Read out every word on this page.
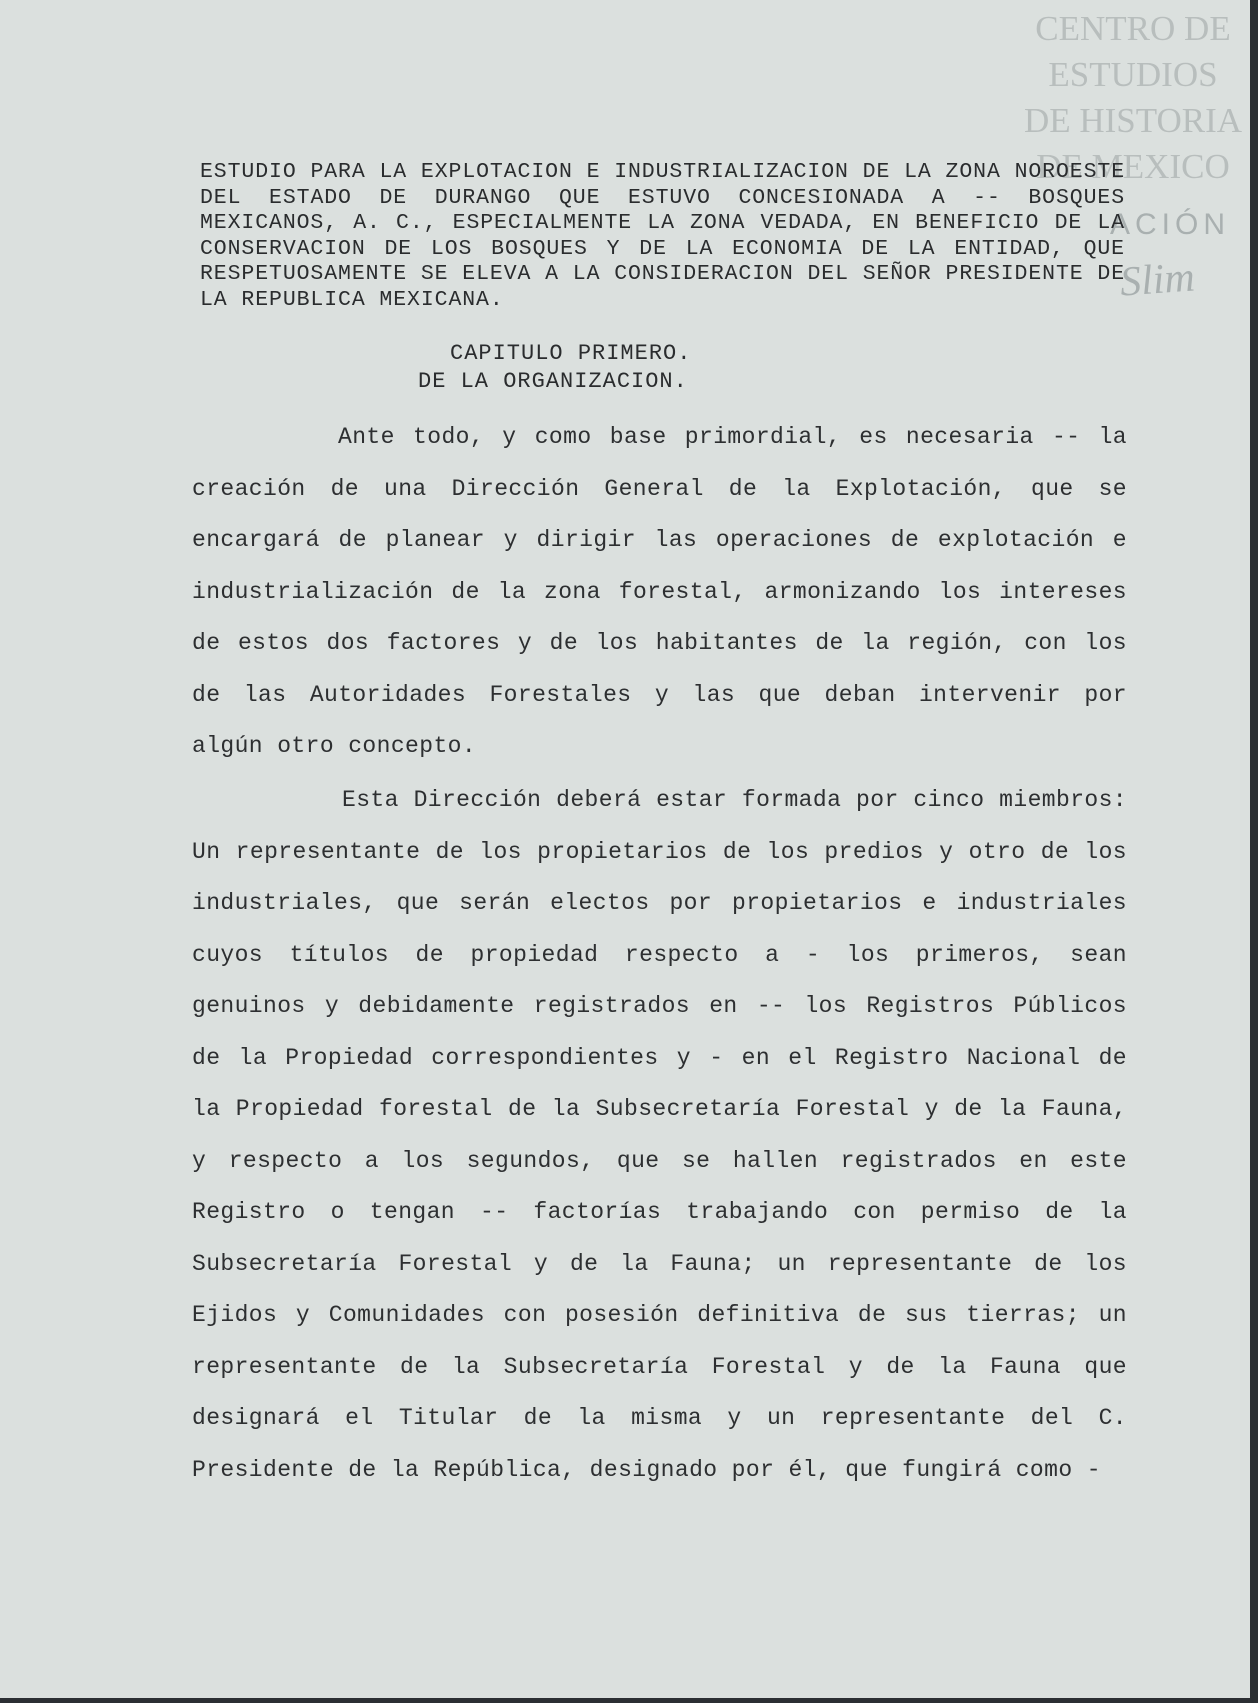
CENTRO DE
ESTUDIOS
DE HISTORIA
DE MEXICO
ACIÓN
Slim

ESTUDIO PARA LA EXPLOTACION E INDUSTRIALIZACION DE LA ZONA NOROESTE DEL ESTADO DE DURANGO QUE ESTUVO CONCESIONADA A -- BOSQUES MEXICANOS, A. C., ESPECIALMENTE LA ZONA VEDADA, EN BENEFICIO DE LA CONSERVACION DE LOS BOSQUES Y DE LA ECONOMIA DE LA ENTIDAD, QUE RESPETUOSAMENTE SE ELEVA A LA CONSIDERACION DEL SEÑOR PRESIDENTE DE LA REPUBLICA MEXICANA.

CAPITULO PRIMERO.
DE LA ORGANIZACION.

Ante todo, y como base primordial, es necesaria -- la creación de una Dirección General de la Explotación, que se encargará de planear y dirigir las operaciones de explotación e industrialización de la zona forestal, armonizando los intereses de estos dos factores y de los habitantes de la región, con los de las Autoridades Forestales y las que deban intervenir por algún otro concepto.

Esta Dirección deberá estar formada por cinco miembros: Un representante de los propietarios de los predios y otro de los industriales, que serán electos por propietarios e industriales cuyos títulos de propiedad respecto a - los primeros, sean genuinos y debidamente registrados en -- los Registros Públicos de la Propiedad correspondientes y - en el Registro Nacional de la Propiedad forestal de la Subsecretaría Forestal y de la Fauna, y respecto a los segundos, que se hallen registrados en este Registro o tengan -- factorías trabajando con permiso de la Subsecretaría Forestal y de la Fauna; un representante de los Ejidos y Comunidades con posesión definitiva de sus tierras; un representante de la Subsecretaría Forestal y de la Fauna que designará el Titular de la misma y un representante del C. Presidente de la República, designado por él, que fungirá como -
